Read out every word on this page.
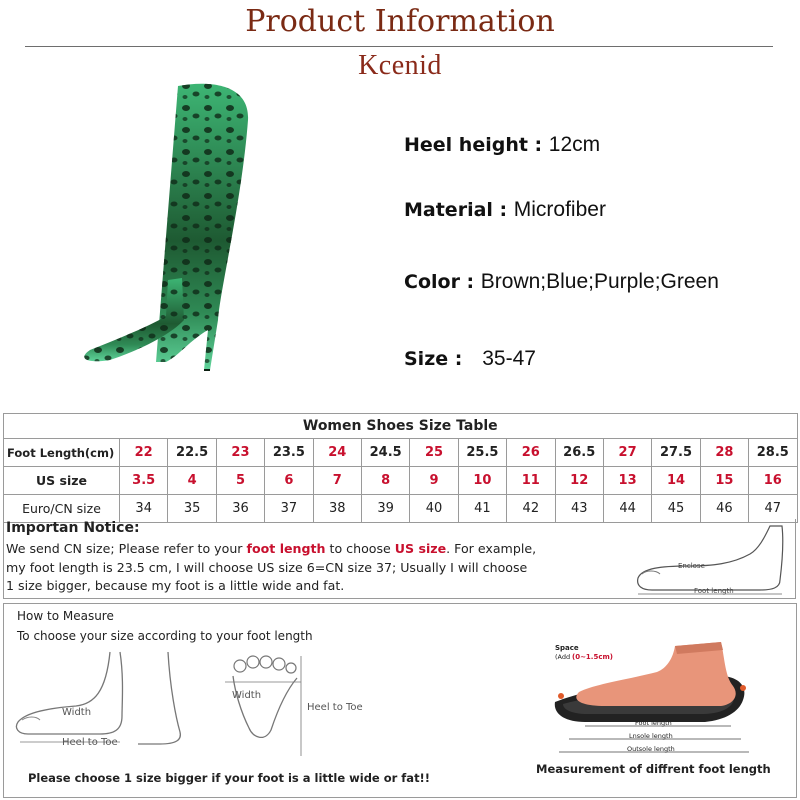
Product Information
Kcenid
Heel height : 12cm
Material : Microfiber
Color : Brown;Blue;Purple;Green
Size :   35-47
Women Shoes Size Table														
Foot Length(cm)	22	22.5	23	23.5	24	24.5	25	25.5	26	26.5	27	27.5	28	28.5
US size	3.5	4	5	6	7	8	9	10	11	12	13	14	15	16
Euro/CN size	34	35	36	37	38	39	40	41	42	43	44	45	46	47
Importan Notice:
We send CN size; Please refer to your foot length to choose US size. For example,
my foot length is 23.5 cm, I will choose US size 6=CN size 37; Usually I will choose
1 size bigger, because my foot is a little wide and fat.
Enclose
Foot length
How to Measure
To choose your size according to your foot length
Width
Heel to Toe
Width
Heel to Toe
Space
(Add (0~1.5cm)
Foot length
Lnsole length
Outsole length
Please choose 1 size bigger if your foot is a little wide or fat!!
Measurement of diffrent foot length
